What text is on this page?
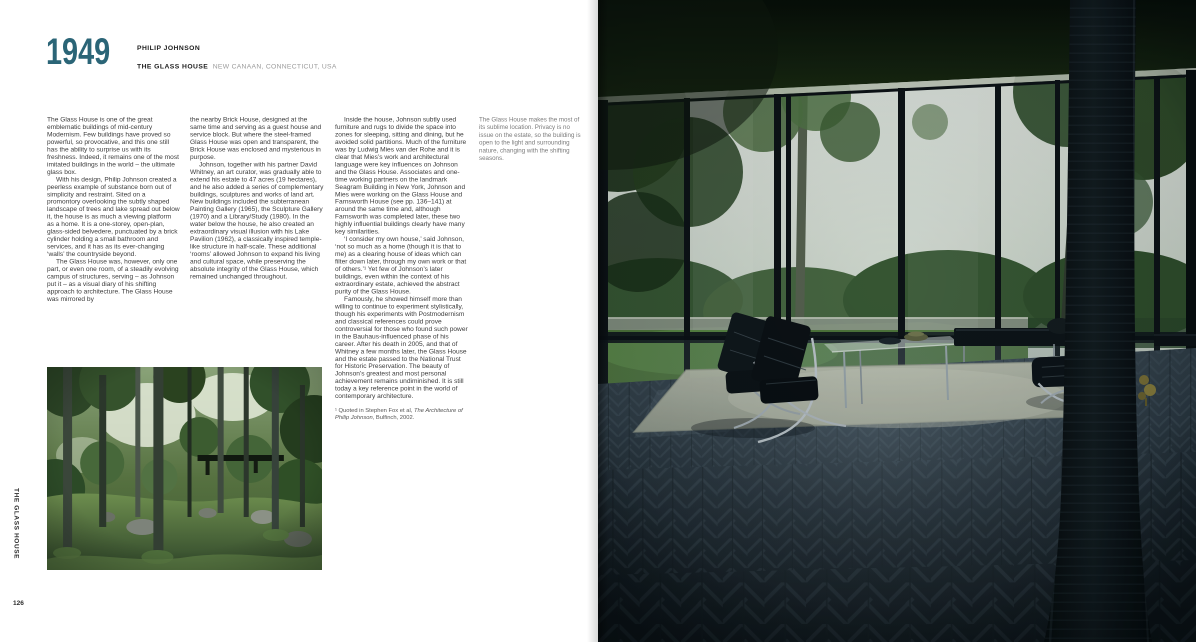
THE GLASS HOUSE
126
1949 PHILIP JOHNSON
THE GLASS HOUSE NEW CANAAN, CONNECTICUT, USA

The Glass House is one of the great emblematic buildings of mid-century Modernism. Few buildings have proved so powerful, so provocative, and this one still has the ability to surprise us with its freshness. Indeed, it remains one of the most imitated buildings in the world – the ultimate glass box.

With his design, Philip Johnson created a peerless example of substance born out of simplicity and restraint. Sited on a promontory overlooking the subtly shaped landscape of trees and lake spread out below it, the house is as much a viewing platform as a home. It is a one-storey, open-plan, glass-sided belvedere, punctuated by a brick cylinder holding a small bathroom and services, and it has as its ever-changing ‘walls’ the countryside beyond.

The Glass House was, however, only one part, or even one room, of a steadily evolving campus of structures, serving – as Johnson put it – as a visual diary of his shifting approach to architecture. The Glass House was mirrored by

the nearby Brick House, designed at the same time and serving as a guest house and service block. But where the steel-framed Glass House was open and transparent, the Brick House was enclosed and mysterious in purpose.

Johnson, together with his partner David Whitney, an art curator, was gradually able to extend his estate to 47 acres (19 hectares), and he also added a series of complementary buildings, sculptures and works of land art. New buildings included the subterranean Painting Gallery (1965), the Sculpture Gallery (1970) and a Library/Study (1980). In the water below the house, he also created an extraordinary visual illusion with his Lake Pavilion (1962), a classically inspired temple-like structure in half-scale. These additional ‘rooms’ allowed Johnson to expand his living and cultural space, while preserving the absolute integrity of the Glass House, which remained unchanged throughout.

Inside the house, Johnson subtly used furniture and rugs to divide the space into zones for sleeping, sitting and dining, but he avoided solid partitions. Much of the furniture was by Ludwig Mies van der Rohe and it is clear that Mies’s work and architectural language were key influences on Johnson and the Glass House. Associates and one-time working partners on the landmark Seagram Building in New York, Johnson and Mies were working on the Glass House and Farnsworth House (see pp. 136–141) at around the same time and, although Farnsworth was completed later, these two highly influential buildings clearly have many key similarities.

‘I consider my own house,’ said Johnson, ‘not so much as a home (though it is that to me) as a clearing house of ideas which can filter down later, through my own work or that of others.’¹ Yet few of Johnson’s later buildings, even within the context of his extraordinary estate, achieved the abstract purity of the Glass House.

Famously, he showed himself more than willing to continue to experiment stylistically, though his experiments with Postmodernism and classical references could prove controversial for those who found such power in the Bauhaus-influenced phase of his career. After his death in 2005, and that of Whitney a few months later, the Glass House and the estate passed to the National Trust for Historic Preservation. The beauty of Johnson’s greatest and most personal achievement remains undiminished. It is still today a key reference point in the world of contemporary architecture.

¹ Quoted in Stephen Fox et al, The Architecture of Philip Johnson, Bulfinch, 2002.

The Glass House makes the most of its sublime location. Privacy is no issue on the estate, so the building is open to the light and surrounding nature, changing with the shifting seasons.
